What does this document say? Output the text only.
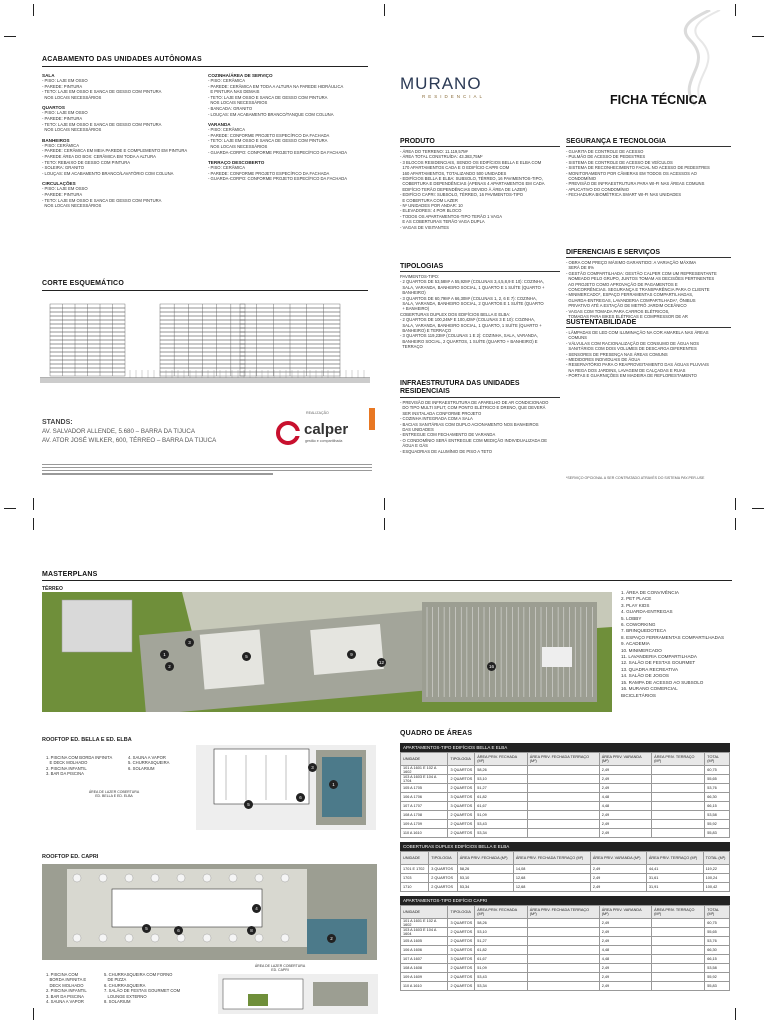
ACABAMENTO DAS UNIDADES AUTÔNOMAS
SALA
- PISO: LAJE EM OSSO
- PAREDE: PINTURA
- TETO: LAJE EM OSSO E SANCA DE GESSO COM PINTURA
NOS LOCAIS NECESSÁRIOS
QUARTOS
- PISO: LAJE EM OSSO
- PAREDE: PINTURA
- TETO: LAJE EM OSSO E SANCA DE GESSO COM PINTURA
NOS LOCAIS NECESSÁRIOS
BANHEIROS
- PISO: CERÂMICA
- PAREDE: CERÂMICA EM MEIA PAREDE E COMPLEMENTO EM PINTURA
- PAREDE ÁREA DO BOX: CERÂMICA EM TODA A ALTURA
- TETO: REBAIXO DE GESSO COM PINTURA
- SOLEIRA: GRANITO
- LOUÇAS: EM ACABAMENTO BRANCO/LAVATÓRIO COM COLUNA
CIRCULAÇÕES
- PISO: LAJE EM OSSO
- PAREDE: PINTURA
- TETO: LAJE EM OSSO E SANCA DE GESSO COM PINTURA
NOS LOCAIS NECESSÁRIOS
COZINHA/ÁREA DE SERVIÇO
- PISO: CERÂMICA
- PAREDE: CERÂMICA EM TODA A ALTURA NA PAREDE HIDRÁULICA
E PINTURA NAS DEMAIS
- TETO: LAJE EM OSSO E SANCA DE GESSO COM PINTURA
NOS LOCAIS NECESSÁRIOS
- BANCADA: GRANITO
- LOUÇAS: EM ACABAMENTO BRANCO/TANQUE COM COLUNA
VARANDA
- PISO: CERÂMICA
- PAREDE: CONFORME PROJETO ESPECÍFICO DA FACHADA
- TETO: LAJE EM OSSO E SANCA DE GESSO COM PINTURA
NOS LOCAIS NECESSÁRIOS
- GUARDA-CORPO: CONFORME PROJETO ESPECÍFICO DA FACHADA
TERRAÇO DESCOBERTO
- PISO: CERÂMICA
- PAREDE: CONFORME PROJETO ESPECÍFICO DA FACHADA
- GUARDA-CORPO: CONFORME PROJETO ESPECÍFICO DA FACHADA
CORTE ESQUEMÁTICO
STANDS:
AV. SALVADOR ALLENDE, 5.680 – BARRA DA TIJUCA
AV. ATOR JOSÉ WILKER, 600, TÉRREO – BARRA DA TIJUCA
REALIZAÇÃO
calper
gestão e compartilhada
MURANO
RESIDENCIAL	FICHA TÉCNICA
PRODUTO
- ÁREA DO TERRENO: 11.119,57M²
- ÁREA TOTAL CONSTRUÍDA: 43.383,75M²
- 3 BLOCOS RESIDENCIAIS, SENDO OS EDIFÍCIOS BELLA E ELBA COM
170 APARTAMENTOS CADA E O EDIFÍCIO CAPRI COM
160 APARTAMENTOS, TOTALIZANDO 500 UNIDADES
- EDIFÍCIOS BELLA E ELBA: SUBSOLO, TÉRREO, 16 PAVIMENTOS-TIPO,
COBERTURA E DEPENDÊNCIAS (APENAS 4 APARTAMENTOS EM CADA
EDIFÍCIO TERÃO DEPENDÊNCIAS DEVIDO À ÁREA DE LAZER)
- EDIFÍCIO CAPRI: SUBSOLO, TÉRREO, 16 PAVIMENTOS-TIPO
E COBERTURA COM LAZER
- Nº UNIDADES POR ANDAR: 10
- ELEVADORES: 4 POR BLOCO
- TODOS OS APARTAMENTOS-TIPO TERÃO 1 VAGA
E AS COBERTURAS TERÃO VAGA DUPLA
- VAGAS DE VISITANTES
TIPOLOGIAS
PAVIMENTOS-TIPO:
- 2 QUARTOS DE 53,58M² A 55,92M² (COLUNAS 3,4,5,8,9 E 10): COZINHA,
SALA, VARANDA, BANHEIRO SOCIAL, 1 QUARTO E 1 SUÍTE (QUARTO +
BANHEIRO)
- 3 QUARTOS DE 60,79M² A 66,30M² (COLUNAS 1, 2, 6 E 7): COZINHA,
SALA, VARANDA, BANHEIRO SOCIAL, 2 QUARTOS E 1 SUÍTE (QUARTO
+ BANHEIRO)
COBERTURAS DUPLEX DOS EDIFÍCIOS BELLA E ELBA:
- 2 QUARTOS DE 100,24M² E 100,42M² (COLUNAS 3 E 10): COZINHA,
SALA, VARANDA, BANHEIRO SOCIAL, 1 QUARTO, 1 SUÍTE (QUARTO +
BANHEIRO) E TERRAÇO
- 3 QUARTOS 119,23M² (COLUNAS 1 E 2): COZINHA, SALA, VARANDA,
BANHEIRO SOCIAL, 2 QUARTOS, 1 SUÍTE (QUARTO + BANHEIRO) E
TERRAÇO
INFRAESTRUTURA DAS UNIDADES RESIDENCIAIS
- PREVISÃO DE INFRAESTRUTURA DE APARELHO DE AR CONDICIONADO
DO TIPO MULTI SPLIT, COM PONTO ELÉTRICO E DRENO, QUE DEVERÁ
SER INSTALADA CONFORME PROJETO
- COZINHA INTEGRADA COM A SALA
- BACIAS SANITÁRIAS COM DUPLO ACIONAMENTO NOS BANHEIROS
DAS UNIDADES
- ENTREGUE COM FECHAMENTO DE VARANDA
- O CONDOMÍNIO SERÁ ENTREGUE COM MEDIÇÃO INDIVIDUALIZADA DE
ÁGUA E GÁS
- ESQUADRIAS DE ALUMÍNIO DE PISO A TETO
SEGURANÇA E TECNOLOGIA
- GUARITA DE CONTROLE DE ACESSO
- PULMÃO DE ACESSO DE PEDESTRES
- SISTEMA DE CONTROLE DE ACESSO DE VEÍCULOS
- SISTEMA DE RECONHECIMENTO FACIAL NO ACESSO DE PEDESTRES
- MONITORAMENTO POR CÂMERAS EM TODOS OS ACESSOS AO
CONDOMÍNIO
- PREVISÃO DE INFRAESTRUTURA PARA WI-FI NAS ÁREAS COMUNS
- APLICATIVO DO CONDOMÍNIO
- FECHADURA BIOMÉTRICA SMART WI-FI NAS UNIDADES
DIFERENCIAIS E SERVIÇOS
- OBRA COM PREÇO MÁXIMO GARANTIDO: A VARIAÇÃO MÁXIMA
SERÁ DE 8%
- GESTÃO COMPARTILHADA: GESTÃO CALPER COM UM REPRESENTANTE
NOMEADO PELO GRUPO, JUNTOS TOMAM AS DECISÕES PERTINENTES
AO PROJETO COMO APROVAÇÃO DE PAGAMENTOS E
CONCORRÊNCIAS. SEGURANÇA E TRANSPARÊNCIA PARA O CLIENTE
- MINIMERCADO*, ESPAÇO FERRAMENTAS COMPARTILHADAS,
GUARDA-ENTREGAS, LAVANDERIA COMPARTILHADA*, ÔNIBUS
PRIVATIVO ATÉ A ESTAÇÃO DE METRÔ JARDIM OCEÂNICO
- VAGAS COM TOMADA PARA CARROS ELÉTRICOS,
TOMADAS PARA BIKES ELÉTRICAS E COMPRESSOR DE AR
SUSTENTABILIDADE
- LÂMPADAS DE LED COM ILUMINAÇÃO NA COR AMARELA NAS ÁREAS
COMUNS
- VÁLVULAS COM RACIONALIZAÇÃO DE CONSUMO DE ÁGUA NOS
SANITÁRIOS COM DOIS VOLUMES DE DESCARGA DIFERENTES
- SENSORES DE PRESENÇA NAS ÁREAS COMUNS
- MEDIDORES INDIVIDUAIS DE ÁGUA
- RESERVATÓRIO PARA O REAPROVEITAMENTO DAS ÁGUAS PLUVIAIS
NA REGA DOS JARDINS, LAVAGEM DE CALÇADAS E RUAS
- PORTAS E GUARNIÇÕES EM MADEIRA DE REFLORESTAMENTO
*SERVIÇO OPCIONAL A SER CONTRATADO ATRAVÉS DO SISTEMA PAY-PER-USE
MASTERPLANS
TÉRREO
1
2
3
5	9
12
16
1. ÁREA DE CONVIVÊNCIA
2. PET PLACE
3. PLAY KIDS
4. GUARDA-ENTREGAS
5. LOBBY
6. COWORKING
7. BRINQUEDOTECA
8. ESPAÇO FERRAMENTAS COMPARTILHADAS
9. ACADEMIA
10. MINIMERCADO
11. LAVANDERIA COMPARTILHADA
12. SALÃO DE FESTAS GOURMET
13. QUADRA RECREATIVA
14. SALÃO DE JOGOS
15. RAMPA DE ACESSO AO SUBSOLO
16. MURANO COMERCIAL
BICICLETÁRIOS
ROOFTOP ED. BELLA E ED. ELBA
1. PISCINA COM BORDA INFINITA
E DECK MOLHADO
2. PISCINA INFANTIL
3. BAR DA PISCINA
4. SAUNA A VAPOR
5. CHURRASQUEIRA
6. SOLARIUM
ÁREA DE LAZER COBERTURA ED. BELLA E ED. ELBA
3
1
6
5
ROOFTOP ED. CAPRI
5	6
4
2
8
1. PISCINA COM
BORDA INFINITA E
DECK MOLHADO
2. PISCINA INFANTIL
3. BAR DA PISCINA
4. SAUNA A VAPOR
5. CHURRASQUEIRA COM FORNO
DE PIZZA
6. CHURRASQUEIRA
7. SALÃO DE FESTAS GOURMET COM
LOUNGE EXTERNO
8. SOLARIUM
ÁREA DE LAZER COBERTURA ED. CAPRI
QUADRO DE ÁREAS
APARTAMENTOS-TIPO EDIFÍCIOS BELLA E ELBA
UNIDADE	TIPOLOGIA	ÁREA PRIV. FECHADA (M²)	ÁREA PRIV. FECHADA TERRAÇO (M²)	ÁREA PRIV. VARANDA (M²)	ÁREA PRIV. TERRAÇO (M²)	TOTAL (M²)
101 A 1601 E 102 A 1602	3 QUARTOS	58,26		2,49		60,75
103 A 1603 E 104 A 1704	2 QUARTOS	53,10		2,49		55,65
105 A 1705	2 QUARTOS	51,27		2,49		53,76
106 A 1706	3 QUARTOS	61,82		4,48		66,30
107 A 1707	3 QUARTOS	61,67		4,48		66,15
108 A 1708	2 QUARTOS	51,09		2,49		53,58
109 A 1709	2 QUARTOS	53,43		2,49		55,92
110 A 1610	2 QUARTOS	53,34		2,49		55,83
COBERTURAS DUPLEX EDIFÍCIOS BELLA E ELBA
UNIDADE	TIPOLOGIA	ÁREA PRIV. FECHADA (M²)	ÁREA PRIV. FECHADA TERRAÇO (M²)	ÁREA PRIV. VARANDA (M²)	ÁREA PRIV. TERRAÇO (M²)	TOTAL (M²)
1701 E 1702	3 QUARTOS	58,26	14,08	2,49	44,41	119,22
1703	2 QUARTOS	53,10	12,68	2,49	31,61	100,24
1710	2 QUARTOS	53,34	12,68	2,49	31,91	100,42
APARTAMENTOS-TIPO EDIFÍCIO CAPRI
UNIDADE	TIPOLOGIA	ÁREA PRIV. FECHADA (M²)	ÁREA PRIV. FECHADA TERRAÇO (M²)	ÁREA PRIV. VARANDA (M²)	ÁREA PRIV. TERRAÇO (M²)	TOTAL (M²)
101 A 1601 E 102 A 1602	3 QUARTOS	58,26		2,49		60,75
103 A 1603 E 104 A 1604	2 QUARTOS	53,10		2,49		55,65
105 A 1605	2 QUARTOS	51,27		2,49		53,76
106 A 1606	3 QUARTOS	61,82		4,48		66,30
107 A 1607	3 QUARTOS	61,67		4,48		66,15
108 A 1608	2 QUARTOS	51,09		2,49		53,58
109 A 1609	2 QUARTOS	53,43		2,49		55,92
110 A 1610	2 QUARTOS	53,34		2,49		55,83
